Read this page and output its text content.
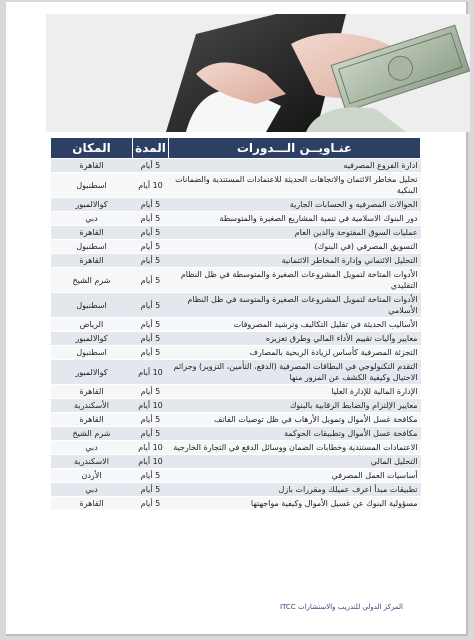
عنـاويــن الـــدورات	المدة	المكان
ادارة الفروع المصرفيه	5 أيام	القاهرة
تحليل مخاطر الائتمان والاتجاهات الحديثة للاعتمادات المستندية والضمانات البنكية	10 أيام	اسطنبول
الحوالات المصرفيه و الحسابات الجارية	5 أيام	كوالالمبور
دور البنوك الاسلامية في تنمية المشاريع الصغيرة والمتوسطة	5 أيام	دبي
عمليات السوق المفتوحة والدين العام	5 أيام	القاهرة
التسويق المصرفي (في البنوك)	5 أيام	اسطنبول
التحليل الائتماني وإدارة المخاطر الائتمانية	5 أيام	القاهرة
الأدوات المتاحة لتمويل المشروعات الصغيرة والمتوسطة في ظل النظام التقليدي	5 أيام	شرم الشيخ
الأدوات المتاحة لتمويل المشروعات الصغيرة والمتوسة في ظل النظام الأسلامي	5 أيام	اسطنبول
الأساليب الحديثة في تقليل التكاليف وترشيد المصروفات	5 أيام	الرياض
معايير وآليات تقييم الأداء المالي وطرق تعزيزه	5 أيام	كوالالمبور
التجزئة المصرفية كأساس لزيادة الربحية بالمصارف	5 أيام	اسطنبول
التقدم التكنولوجي في البطاقات المصرفية (الدفع، التأمين، التزوير) وجرائم الاحتيال وكيفية الكشف عن المزور منها	10 أيام	كوالالمبور
الإدارة المالية للإدارة العليا	5 أيام	القاهرة
معايير الإلتزام والضابط الرقابية بالبنوك	10 أيام	الأسكندرية
مكافحة غسل الأموال وتمويل الأرهاب في ظل توصيات الفاتف	5 أيام	القاهرة
مكافحة غسل الأموال وتطبيقات الحوكمة	5 أيام	شرم الشيخ
الاعتمادات المستندية وخطابات الضمان ووسائل الدفع في التجارة الخارجية	10 أيام	دبي
التحليل المالي	10 أيام	الاسكندرية
أساسيات العمل المصرفي	5 أيام	الأردن
تطبيقات مبدأ اعرف عميلك ومقررات بازل	5 أيام	دبي
مسؤولية البنوك عن غسيل الأموال وكيفية مواجهتها	5 أيام	القاهرة
المركز الدولي للتدريب والاستشارات ITCC
